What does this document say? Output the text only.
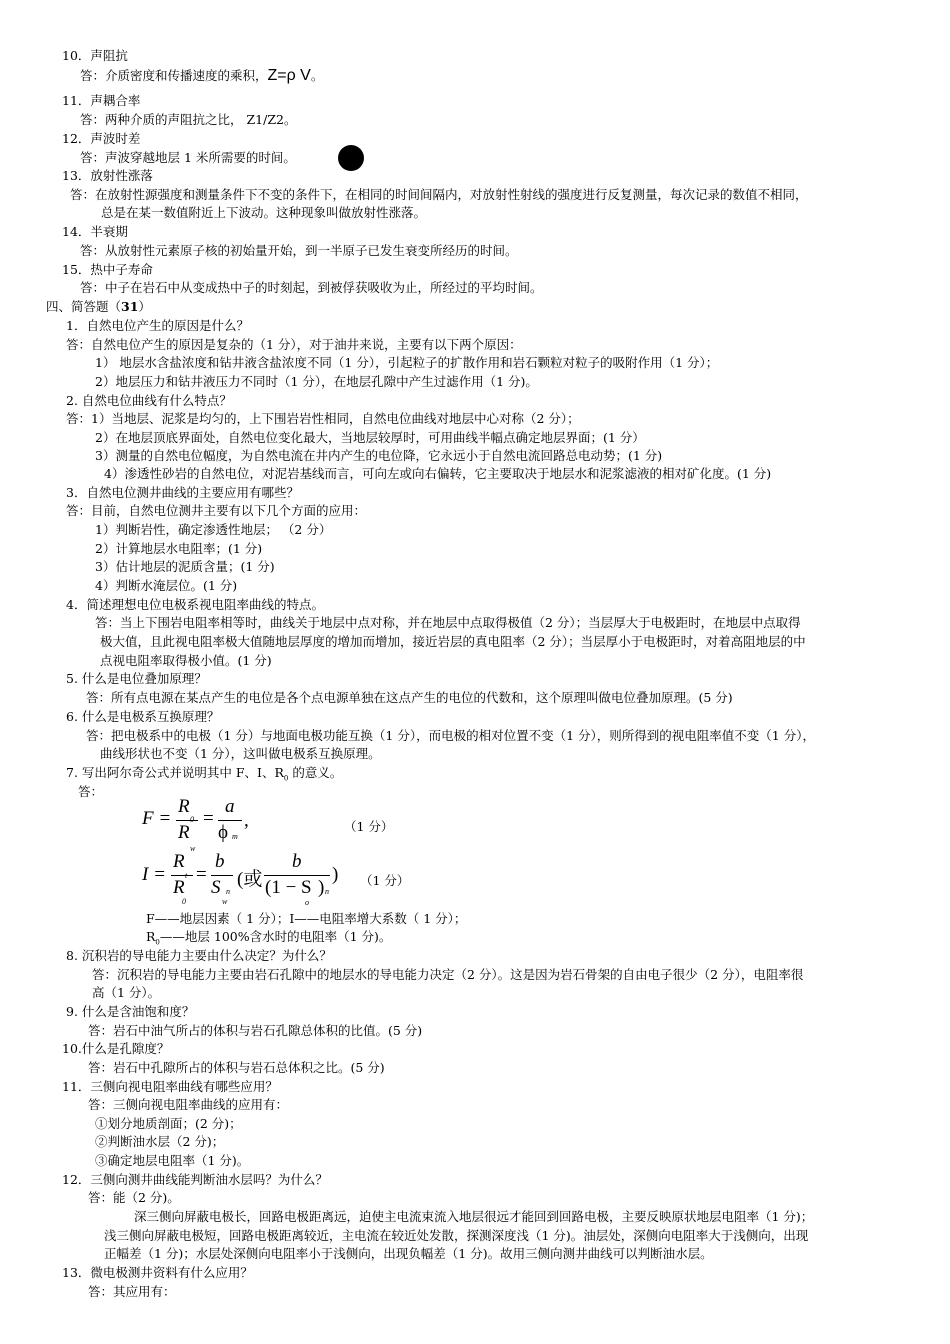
10．声阻抗
11．声耦合率
答：两种介质的声阻抗之比， Z1/Z2。
12．声波时差
答：声波穿越地层 1 米所需要的时间。
13．放射性涨落
答：在放射性源强度和测量条件下不变的条件下，在相同的时间间隔内，对放射性射线的强度进行反复测量，每次记录的数值不相同，
总是在某一数值附近上下波动。这种现象叫做放射性涨落。
14．半衰期
答：从放射性元素原子核的初始量开始，到一半原子已发生衰变所经历的时间。
15．热中子寿命
答：中子在岩石中从变成热中子的时刻起，到被俘获吸收为止，所经过的平均时间。
1．自然电位产生的原因是什么？
答：自然电位产生的原因是复杂的（1 分），对于油井来说，主要有以下两个原因：
1） 地层水含盐浓度和钻井液含盐浓度不同（1 分），引起粒子的扩散作用和岩石颗粒对粒子的吸附作用（1 分）；
2）地层压力和钻井液压力不同时（1 分），在地层孔隙中产生过滤作用（1 分)。
2. 自然电位曲线有什么特点？
答：1）当地层、泥浆是均匀的，上下围岩岩性相同，自然电位曲线对地层中心对称（2 分）；
2）在地层顶底界面处，自然电位变化最大，当地层较厚时，可用曲线半幅点确定地层界面；(1 分）
3）测量的自然电位幅度，为自然电流在井内产生的电位降，它永远小于自然电流回路总电动势；(1 分)
4）渗透性砂岩的自然电位，对泥岩基线而言，可向左或向右偏转，它主要取决于地层水和泥浆滤液的相对矿化度。(1 分)
3．自然电位测井曲线的主要应用有哪些？
答：目前，自然电位测井主要有以下几个方面的应用：
1）判断岩性，确定渗透性地层； （2 分）
2）计算地层水电阻率；(1 分)
3）估计地层的泥质含量；(1 分)
4）判断水淹层位。(1 分)
4．简述理想电位电极系视电阻率曲线的特点。
答：当上下围岩电阻率相等时，曲线关于地层中点对称，并在地层中点取得极值（2 分）；当层厚大于电极距时，在地层中点取得
极大值，且此视电阻率极大值随地层厚度的增加而增加，接近岩层的真电阻率（2 分）；当层厚小于电极距时，对着高阻地层的中
点视电阻率取得极小值。(1 分)
5. 什么是电位叠加原理？
答：所有点电源在某点产生的电位是各个点电源单独在这点产生的电位的代数和，这个原理叫做电位叠加原理。(5 分)
6. 什么是电极系互换原理？
答：把电极系中的电极（1 分）与地面电极功能互换（1 分），而电极的相对位置不变（1 分），则所得到的视电阻率值不变（1 分），
曲线形状也不变（1 分），这叫做电极系互换原理。
答：
（1 分）
（1 分）
F——地层因素（ 1 分）；I——电阻率增大系数（ 1 分）；
8. 沉积岩的导电能力主要由什么决定？为什么？
答：沉积岩的导电能力主要由岩石孔隙中的地层水的导电能力决定（2 分）。这是因为岩石骨架的自由电子很少（2 分），电阻率很
高（1 分）。
9. 什么是含油饱和度？
答：岩石中油气所占的体积与岩石孔隙总体积的比值。(5 分)
10.什么是孔隙度？
答：岩石中孔隙所占的体积与岩石总体积之比。(5 分)
11．三侧向视电阻率曲线有哪些应用？
答：三侧向视电阻率曲线的应用有：
①划分地质剖面；(2 分)；
②判断油水层（2 分)；
③确定地层电阻率（1 分)。
12．三侧向测井曲线能判断油水层吗？为什么？
答：能（2 分)。
深三侧向屏蔽电极长，回路电极距离远，迫使主电流束流入地层很远才能回到回路电极，主要反映原状地层电阻率（1 分)；
浅三侧向屏蔽电极短，回路电极距离较近，主电流在较近处发散，探测深度浅（1 分)。油层处，深侧向电阻率大于浅侧向，出现
正幅差（1 分)；水层处深侧向电阻率小于浅侧向，出现负幅差（1 分)。故用三侧向测井曲线可以判断油水层。
13．微电极测井资料有什么应用？
答：其应用有：
答：介质密度和传播速度的乘积，Z=ρ V。
四、简答题（31）
7. 写出阿尔奇公式并说明其中 F、I、$R_0$ 的意义。
F =
R
R
w
=
a
ϕ m
,
I =
R
R
0
=
b
S n
w
(或
b
(1 − S ) n
o
)
$R_0——$地层 100%含水时的电阻率（1 分)。
